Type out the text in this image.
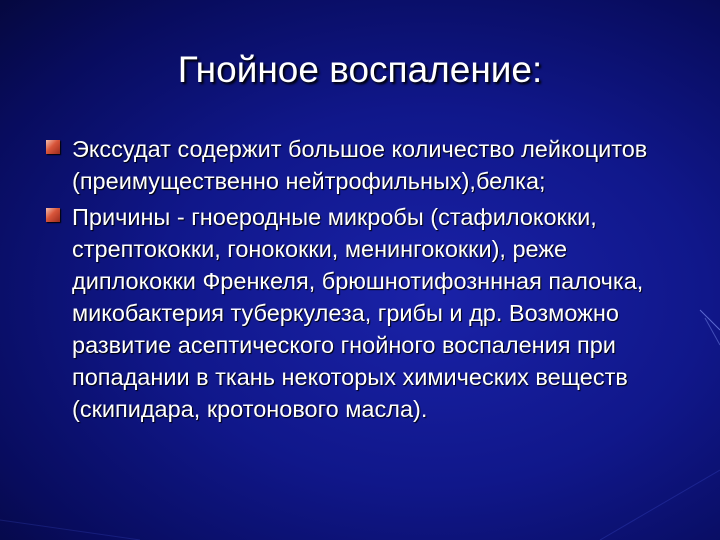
Гнойное воспаление:
Экссудат содержит большое количество лейкоцитов (преимущественно нейтрофильных),белка;
Причины - гноеродные микробы (стафилококки, стрептококки, гонококки, менингококки), реже диплококки Френкеля, брюшнотифозннная палочка, микобактерия туберкулеза, грибы и др. Возможно развитие асептического гнойного воспаления при попадании в ткань некоторых химических веществ (скипидара, кротонового масла).
